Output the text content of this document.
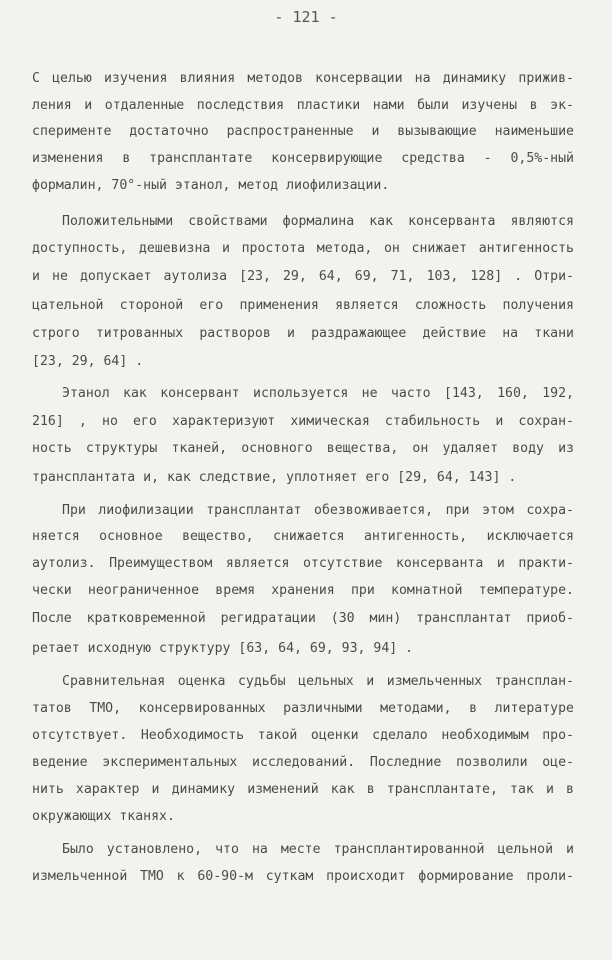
- 121 -
С целью изучения влияния методов консервации на динамику прижив-
ления и отдаленные последствия пластики нами были изучены в эк-
сперименте достаточно распространенные и вызывающие наименьшие
изменения в трансплантате консервирующие средства - 0,5%-ный
формалин, 70°-ный этанол, метод лиофилизации.
Положительными свойствами формалина как консерванта являются
доступность, дешевизна и простота метода, он снижает антигенность
и не допускает аутолиза [23, 29, 64, 69, 71, 103, 128] . Отри-
цательной стороной его применения является сложность получения
строго титрованных растворов и раздражающее действие на ткани
[23, 29, 64] .
Этанол как консервант используется не часто [143, 160, 192,
216] , но его характеризуют химическая стабильность и сохран-
ность структуры тканей, основного вещества, он удаляет воду из
трансплантата и, как следствие, уплотняет его [29, 64, 143] .
При лиофилизации трансплантат обезвоживается, при этом сохра-
няется основное вещество, снижается антигенность, исключается
аутолиз. Преимуществом является отсутствие консерванта и практи-
чески неограниченное время хранения при комнатной температуре.
После кратковременной регидратации (30 мин) трансплантат приоб-
ретает исходную структуру [63, 64, 69, 93, 94] .
Сравнительная оценка судьбы цельных и измельченных трансплан-
татов ТМО, консервированных различными методами, в литературе
отсутствует. Необходимость такой оценки сделало необходимым про-
ведение экспериментальных исследований. Последние позволили оце-
нить характер и динамику изменений как в трансплантате, так и в
окружающих тканях.
Было установлено, что на месте трансплантированной цельной и
измельченной ТМО к 60-90-м суткам происходит формирование проли-
